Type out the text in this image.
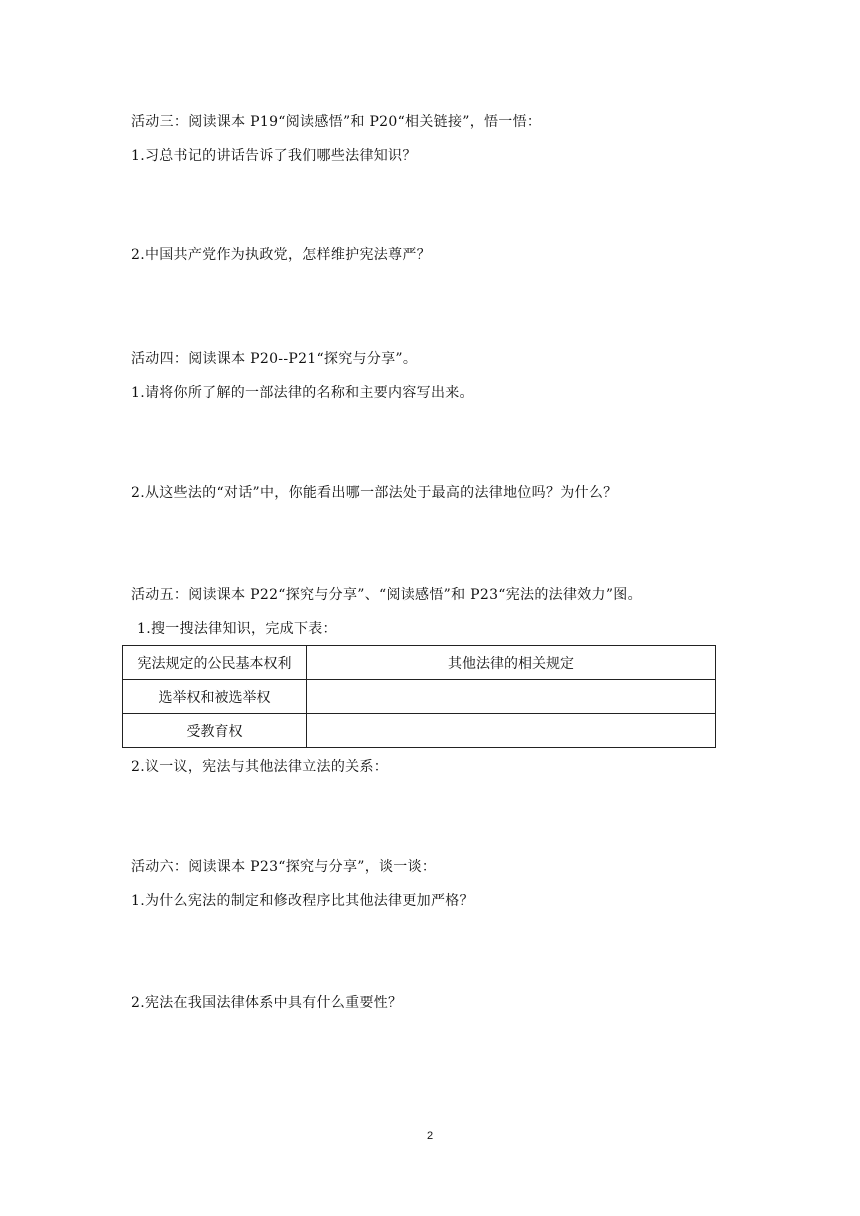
活动三：阅读课本 P19“阅读感悟”和 P20“相关链接”，悟一悟：
1.习总书记的讲话告诉了我们哪些法律知识？
2.中国共产党作为执政党，怎样维护宪法尊严？
活动四：阅读课本 P20--P21“探究与分享”。
1.请将你所了解的一部法律的名称和主要内容写出来。
2.从这些法的“对话”中，你能看出哪一部法处于最高的法律地位吗？为什么？
活动五：阅读课本 P22“探究与分享”、“阅读感悟”和 P23“宪法的法律效力”图。
1.搜一搜法律知识，完成下表：
宪法规定的公民基本权利	其他法律的相关规定
选举权和被选举权	
受教育权	
2.议一议，宪法与其他法律立法的关系：
活动六：阅读课本 P23“探究与分享”，谈一谈：
1.为什么宪法的制定和修改程序比其他法律更加严格？
2.宪法在我国法律体系中具有什么重要性？
2
